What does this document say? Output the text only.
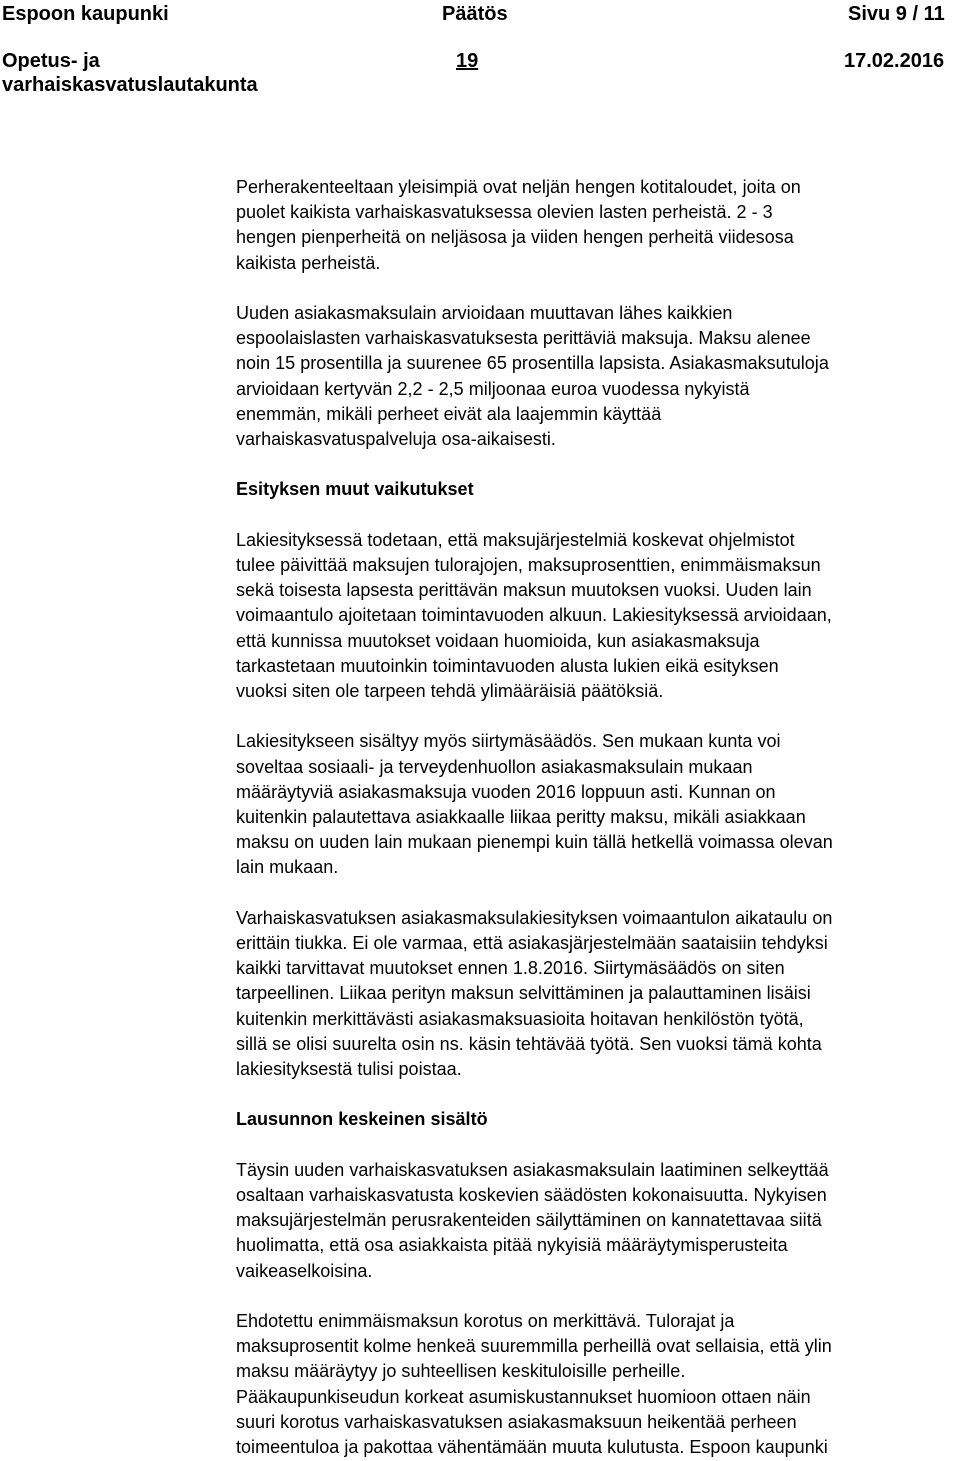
Espoon kaupunki	Päätös	Sivu 9 / 11
Opetus- ja
varhaiskasvatuslautakunta
19	17.02.2016
Perherakenteeltaan yleisimpiä ovat neljän hengen kotitaloudet, joita on
puolet kaikista varhaiskasvatuksessa olevien lasten perheistä. 2 - 3
hengen pienperheitä on neljäsosa ja viiden hengen perheitä viidesosa
kaikista perheistä.
Uuden asiakasmaksulain arvioidaan muuttavan lähes kaikkien
espoolaislasten varhaiskasvatuksesta perittäviä maksuja. Maksu alenee
noin 15 prosentilla ja suurenee 65 prosentilla lapsista. Asiakasmaksutuloja
arvioidaan kertyvän 2,2 - 2,5 miljoonaa euroa vuodessa nykyistä
enemmän, mikäli perheet eivät ala laajemmin käyttää
varhaiskasvatuspalveluja osa-aikaisesti.
Esityksen muut vaikutukset
Lakiesityksessä todetaan, että maksujärjestelmiä koskevat ohjelmistot
tulee päivittää maksujen tulorajojen, maksuprosenttien, enimmäismaksun
sekä toisesta lapsesta perittävän maksun muutoksen vuoksi. Uuden lain
voimaantulo ajoitetaan toimintavuoden alkuun. Lakiesityksessä arvioidaan,
että kunnissa muutokset voidaan huomioida, kun asiakasmaksuja
tarkastetaan muutoinkin toimintavuoden alusta lukien eikä esityksen
vuoksi siten ole tarpeen tehdä ylimääräisiä päätöksiä.
Lakiesitykseen sisältyy myös siirtymäsäädös. Sen mukaan kunta voi
soveltaa sosiaali- ja terveydenhuollon asiakasmaksulain mukaan
määräytyviä asiakasmaksuja vuoden 2016 loppuun asti. Kunnan on
kuitenkin palautettava asiakkaalle liikaa peritty maksu, mikäli asiakkaan
maksu on uuden lain mukaan pienempi kuin tällä hetkellä voimassa olevan
lain mukaan.
Varhaiskasvatuksen asiakasmaksulakiesityksen voimaantulon aikataulu on
erittäin tiukka. Ei ole varmaa, että asiakasjärjestelmään saataisiin tehdyksi
kaikki tarvittavat muutokset ennen 1.8.2016. Siirtymäsäädös on siten
tarpeellinen. Liikaa perityn maksun selvittäminen ja palauttaminen lisäisi
kuitenkin merkittävästi asiakasmaksuasioita hoitavan henkilöstön työtä,
sillä se olisi suurelta osin ns. käsin tehtävää työtä. Sen vuoksi tämä kohta
lakiesityksestä tulisi poistaa.
Lausunnon keskeinen sisältö
Täysin uuden varhaiskasvatuksen asiakasmaksulain laatiminen selkeyttää
osaltaan varhaiskasvatusta koskevien säädösten kokonaisuutta. Nykyisen
maksujärjestelmän perusrakenteiden säilyttäminen on kannatettavaa siitä
huolimatta, että osa asiakkaista pitää nykyisiä määräytymisperusteita
vaikeaselkoisina.
Ehdotettu enimmäismaksun korotus on merkittävä. Tulorajat ja
maksuprosentit kolme henkeä suuremmilla perheillä ovat sellaisia, että ylin
maksu määräytyy jo suhteellisen keskituloisille perheille.
Pääkaupunkiseudun korkeat asumiskustannukset huomioon ottaen näin
suuri korotus varhaiskasvatuksen asiakasmaksuun heikentää perheen
toimeentuloa ja pakottaa vähentämään muuta kulutusta. Espoon kaupunki
